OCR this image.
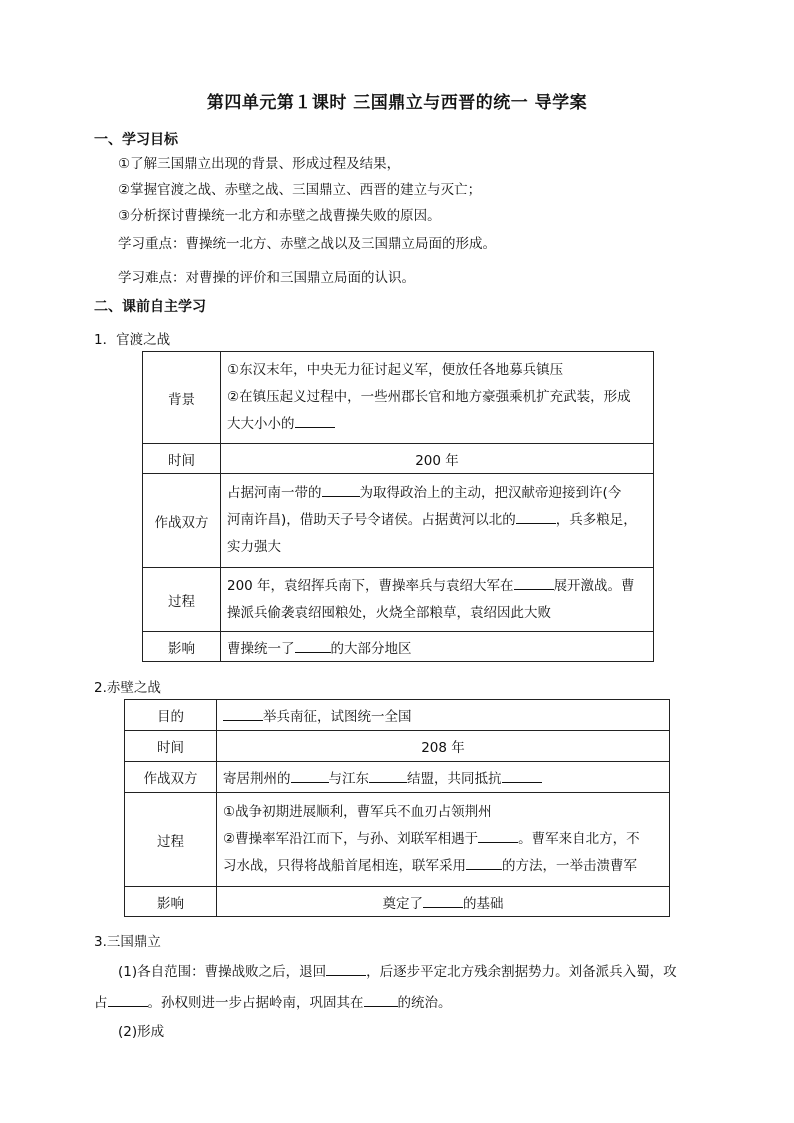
第四单元第１课时 三国鼎立与西晋的统一 导学案
一、学习目标
①了解三国鼎立出现的背景、形成过程及结果，
②掌握官渡之战、赤壁之战、三国鼎立、西晋的建立与灭亡；
③分析探讨曹操统一北方和赤壁之战曹操失败的原因。
学习重点：曹操统一北方、赤壁之战以及三国鼎立局面的形成。
学习难点：对曹操的评价和三国鼎立局面的认识。
二、课前自主学习
1．官渡之战
背景	①东汉末年，中央无力征讨起义军，便放任各地募兵镇压
②在镇压起义过程中，一些州郡长官和地方豪强乘机扩充武装，形成
大大小小的

时间	200 年
作战双方	占据河南一带的 为取得政治上的主动，把汉献帝迎接到许(今
河南许昌)，借助天子号令诸侯。占据黄河以北的 ，兵多粮足，
实力强大

过程	200 年，袁绍挥兵南下，曹操率兵与袁绍大军在 展开激战。曹
操派兵偷袭袁绍囤粮处，火烧全部粮草，袁绍因此大败

影响	曹操统一了 的大部分地区
2.赤壁之战
目的	举兵南征，试图统一全国
时间	208 年
作战双方	寄居荆州的 与江东 结盟，共同抵抗
过程	①战争初期进展顺利，曹军兵不血刃占领荆州
②曹操率军沿江而下，与孙、刘联军相遇于 。曹军来自北方，不
习水战，只得将战船首尾相连，联军采用 的方法，一举击溃曹军

影响	奠定了 的基础
3.三国鼎立
(1)各自范围：曹操战败之后，退回	，后逐步平定北方残余割据势力。刘备派兵入蜀，攻
占	。孙权则进一步占据岭南，巩固其在	的统治。
(2)形成
